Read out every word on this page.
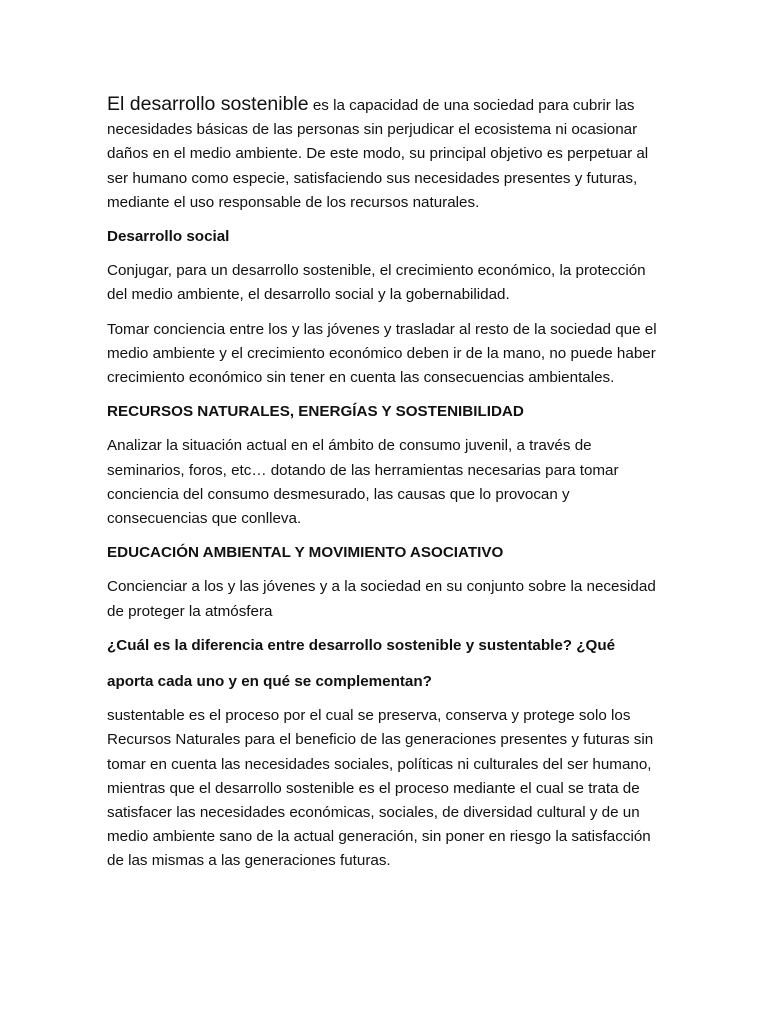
El desarrollo sostenible es la capacidad de una sociedad para cubrir las necesidades básicas de las personas sin perjudicar el ecosistema ni ocasionar daños en el medio ambiente. De este modo, su principal objetivo es perpetuar al ser humano como especie, satisfaciendo sus necesidades presentes y futuras, mediante el uso responsable de los recursos naturales.

Desarrollo social

Conjugar, para un desarrollo sostenible, el crecimiento económico, la protección del medio ambiente, el desarrollo social y la gobernabilidad.

Tomar conciencia entre los y las jóvenes y trasladar al resto de la sociedad que el medio ambiente y el crecimiento económico deben ir de la mano, no puede haber crecimiento económico sin tener en cuenta las consecuencias ambientales.

RECURSOS NATURALES, ENERGÍAS Y SOSTENIBILIDAD

Analizar la situación actual en el ámbito de consumo juvenil, a través de seminarios, foros, etc… dotando de las herramientas necesarias para tomar conciencia del consumo desmesurado, las causas que lo provocan y consecuencias que conlleva.

EDUCACIÓN AMBIENTAL Y MOVIMIENTO ASOCIATIVO

Concienciar a los y las jóvenes y a la sociedad en su conjunto sobre la necesidad de proteger la atmósfera

¿Cuál es la diferencia entre desarrollo sostenible y sustentable? ¿Qué

aporta cada uno y en qué se complementan?

sustentable es el proceso por el cual se preserva, conserva y protege solo los Recursos Naturales para el beneficio de las generaciones presentes y futuras sin tomar en cuenta las necesidades sociales, políticas ni culturales del ser humano, mientras que el desarrollo sostenible es el proceso mediante el cual se trata de satisfacer las necesidades económicas, sociales, de diversidad cultural y de un medio ambiente sano de la actual generación, sin poner en riesgo la satisfacción de las mismas a las generaciones futuras.
